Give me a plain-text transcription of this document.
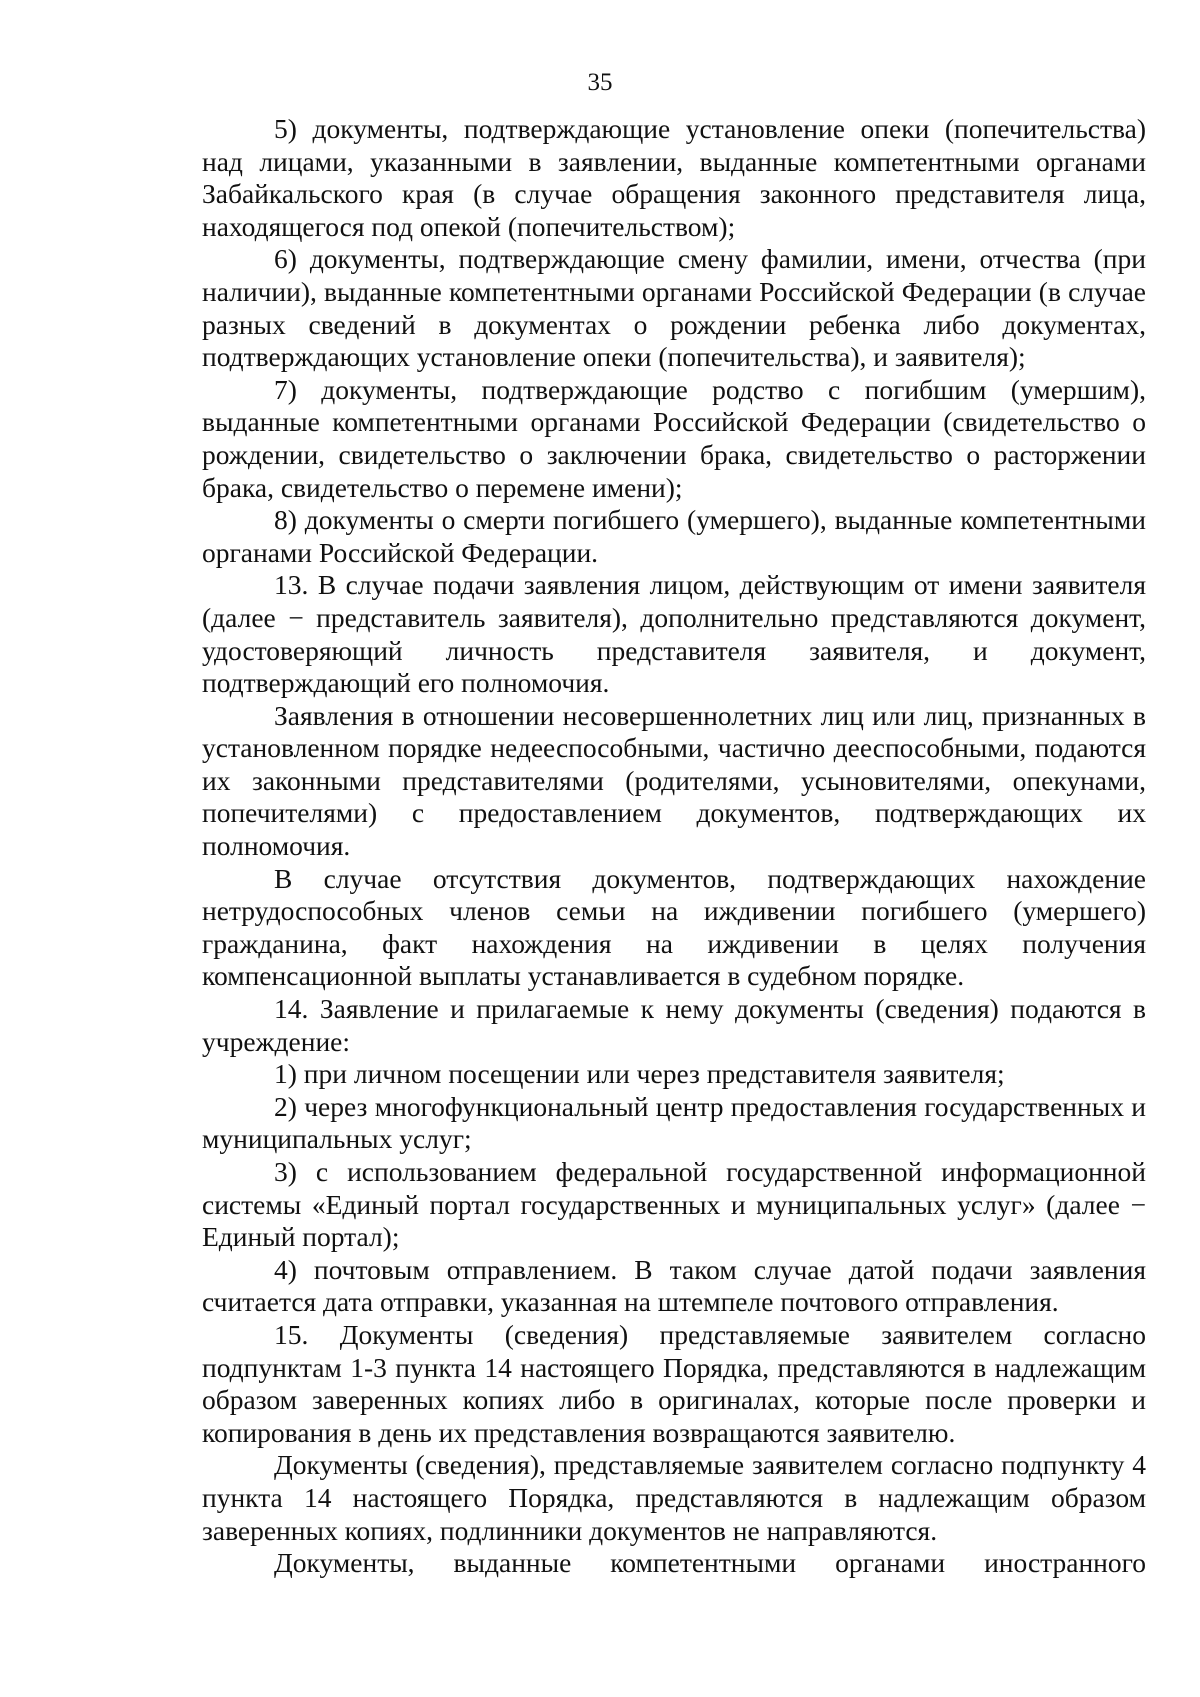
35

5) документы, подтверждающие установление опеки (попечительства) над лицами, указанными в заявлении, выданные компетентными органами Забайкальского края (в случае обращения законного представителя лица, находящегося под опекой (попечительством);

6) документы, подтверждающие смену фамилии, имени, отчества (при наличии), выданные компетентными органами Российской Федерации (в случае разных сведений в документах о рождении ребенка либо документах, подтверждающих установление опеки (попечительства), и заявителя);

7) документы, подтверждающие родство с погибшим (умершим), выданные компетентными органами Российской Федерации (свидетельство о рождении, свидетельство о заключении брака, свидетельство о расторжении брака, свидетельство о перемене имени);

8) документы о смерти погибшего (умершего), выданные компетентными органами Российской Федерации.

13. В случае подачи заявления лицом, действующим от имени заявителя (далее − представитель заявителя), дополнительно представляются документ, удостоверяющий личность представителя заявителя, и документ, подтверждающий его полномочия.

Заявления в отношении несовершеннолетних лиц или лиц, признанных в установленном порядке недееспособными, частично дееспособными, подаются их законными представителями (родителями, усыновителями, опекунами, попечителями) с предоставлением документов, подтверждающих их полномочия.

В случае отсутствия документов, подтверждающих нахождение нетрудоспособных членов семьи на иждивении погибшего (умершего) гражданина, факт нахождения на иждивении в целях получения компенсационной выплаты устанавливается в судебном порядке.

14. Заявление и прилагаемые к нему документы (сведения) подаются в учреждение:

1) при личном посещении или через представителя заявителя;

2) через многофункциональный центр предоставления государственных и муниципальных услуг;

3) с использованием федеральной государственной информационной системы «Единый портал государственных и муниципальных услуг» (далее − Единый портал);

4) почтовым отправлением. В таком случае датой подачи заявления считается дата отправки, указанная на штемпеле почтового отправления.

15. Документы (сведения) представляемые заявителем согласно подпунктам 1-3 пункта 14 настоящего Порядка, представляются в надлежащим образом заверенных копиях либо в оригиналах, которые после проверки и копирования в день их представления возвращаются заявителю.

Документы (сведения), представляемые заявителем согласно подпункту 4 пункта 14 настоящего Порядка, представляются в надлежащим образом заверенных копиях, подлинники документов не направляются.

Документы, выданные компетентными органами иностранного
